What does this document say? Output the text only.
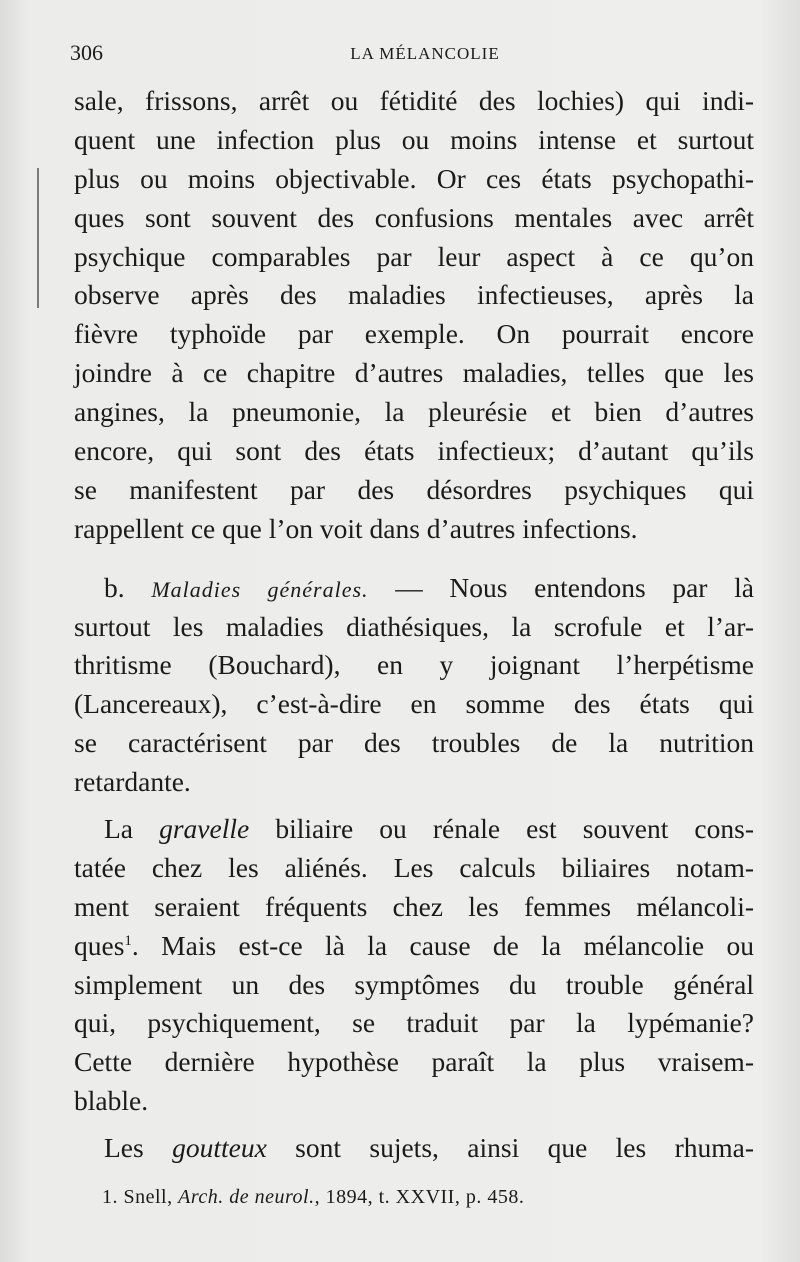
306	LA MÉLANCOLIE
sale, frissons, arrêt ou fétidité des lochies) qui indi-
quent une infection plus ou moins intense et surtout
plus ou moins objectivable. Or ces états psychopathi-
ques sont souvent des confusions mentales avec arrêt
psychique comparables par leur aspect à ce qu’on
observe après des maladies infectieuses, après la
fièvre typhoïde par exemple. On pourrait encore
joindre à ce chapitre d’autres maladies, telles que les
angines, la pneumonie, la pleurésie et bien d’autres
encore, qui sont des états infectieux; d’autant qu’ils
se manifestent par des désordres psychiques qui
rappellent ce que l’on voit dans d’autres infections.
b. Maladies générales. — Nous entendons par là
surtout les maladies diathésiques, la scrofule et l’ar-
thritisme (Bouchard), en y joignant l’herpétisme
(Lancereaux), c’est-à-dire en somme des états qui
se caractérisent par des troubles de la nutrition
retardante.
La gravelle biliaire ou rénale est souvent cons-
tatée chez les aliénés. Les calculs biliaires notam-
ment seraient fréquents chez les femmes mélancoli-
ques$^1$. Mais est-ce là la cause de la mélancolie ou
simplement un des symptômes du trouble général
qui, psychiquement, se traduit par la lypémanie?
Cette dernière hypothèse paraît la plus vraisem-
blable.
Les goutteux sont sujets, ainsi que les rhuma-
1. Snell, Arch. de neurol., 1894, t. XXVII, p. 458.
